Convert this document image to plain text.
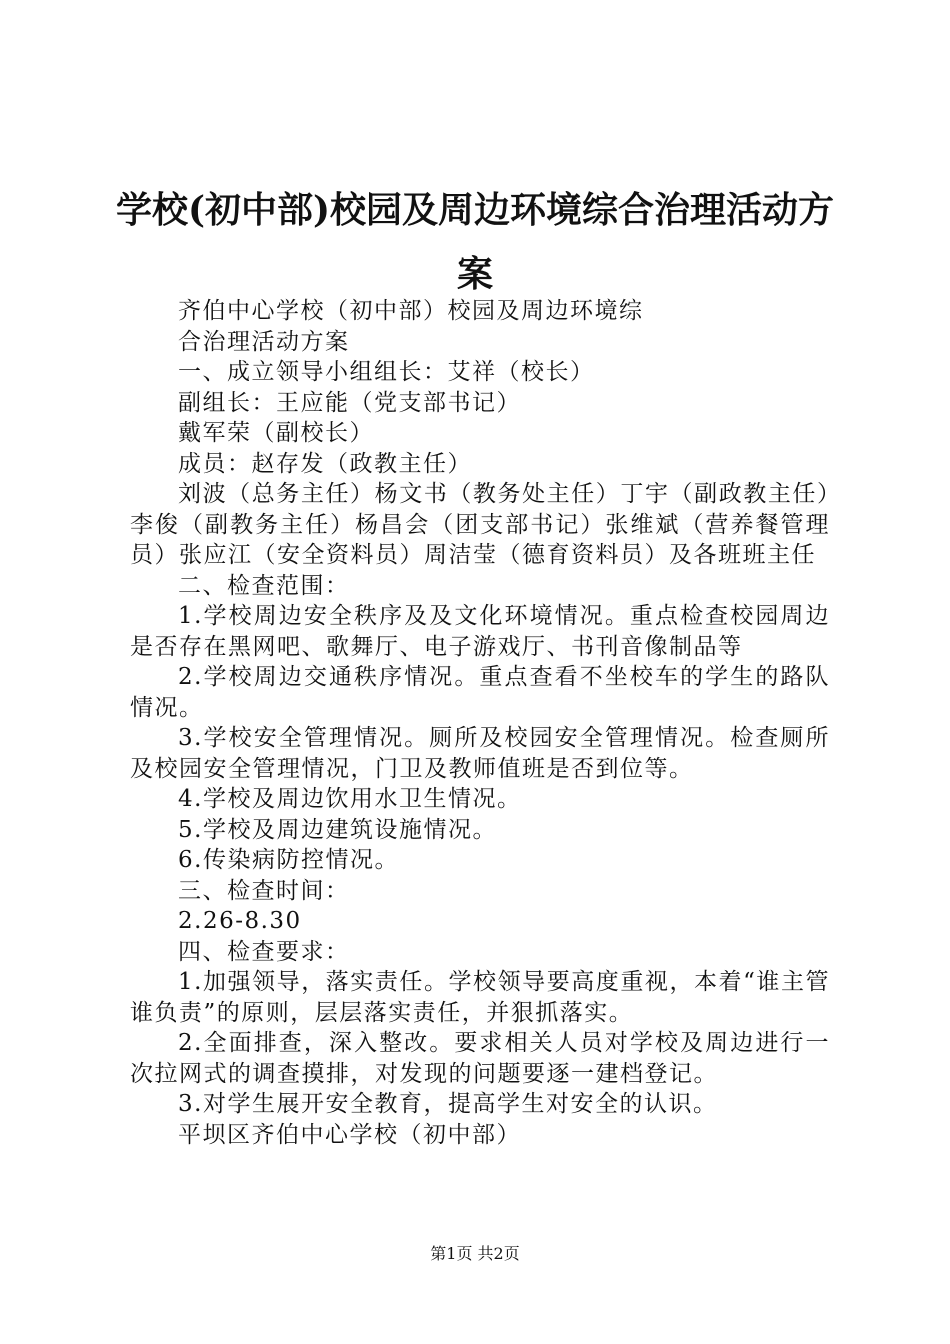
学校(初中部)校园及周边环境综合治理活动方案

齐伯中心学校（初中部）校园及周边环境综

合治理活动方案

一、成立领导小组组长：艾祥（校长）

副组长：王应能（党支部书记）

戴军荣（副校长）

成员：赵存发（政教主任）

刘波（总务主任）杨文书（教务处主任）丁宇（副政教主任）李俊（副教务主任）杨昌会（团支部书记）张维斌（营养餐管理员）张应江（安全资料员）周洁莹（德育资料员）及各班班主任

二、检查范围：

1.学校周边安全秩序及及文化环境情况。重点检查校园周边是否存在黑网吧、歌舞厅、电子游戏厅、书刊音像制品等

2.学校周边交通秩序情况。重点查看不坐校车的学生的路队情况。

3.学校安全管理情况。厕所及校园安全管理情况。检查厕所及校园安全管理情况，门卫及教师值班是否到位等。

4.学校及周边饮用水卫生情况。

5.学校及周边建筑设施情况。

6.传染病防控情况。

三、检查时间：

2.26-8.30

四、检查要求：

1.加强领导，落实责任。学校领导要高度重视，本着“谁主管谁负责”的原则，层层落实责任，并狠抓落实。

2.全面排查，深入整改。要求相关人员对学校及周边进行一次拉网式的调查摸排，对发现的问题要逐一建档登记。

3.对学生展开安全教育，提高学生对安全的认识。

平坝区齐伯中心学校（初中部）

第1页 共2页
